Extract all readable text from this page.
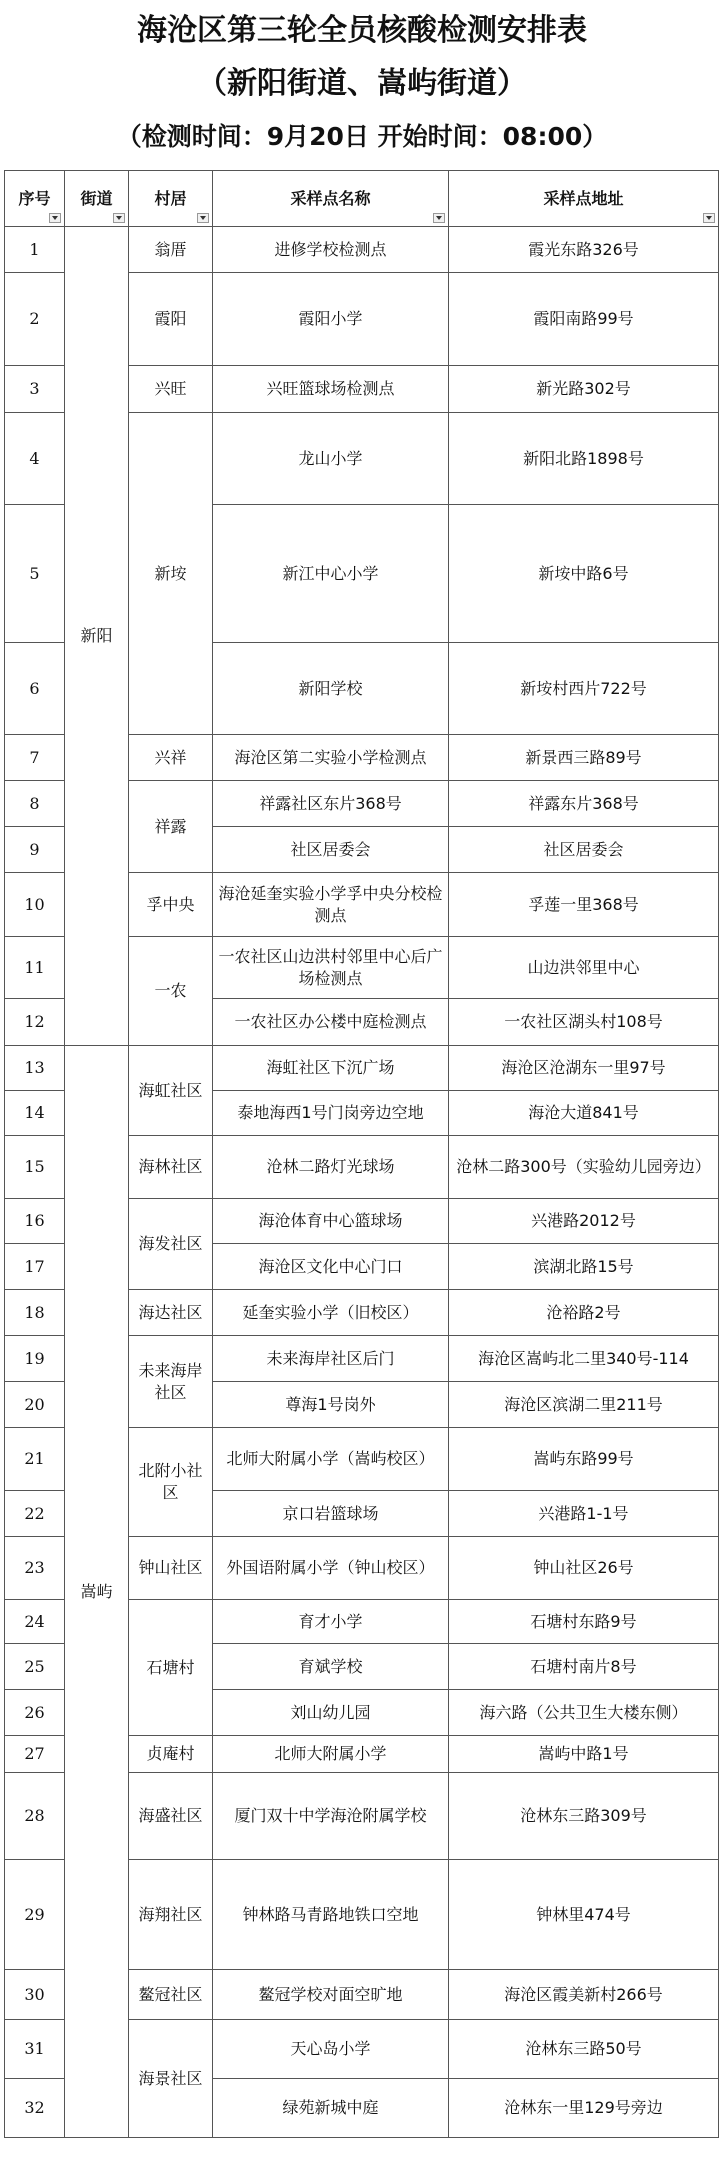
海沧区第三轮全员核酸检测安排表
（新阳街道、嵩屿街道）
（检测时间：9月20日 开始时间：08:00）
序号	街道	村居	采样点名称	采样点地址

1	新阳	翁厝	进修学校检测点	霞光东路326号
2		霞阳	霞阳小学	霞阳南路99号
3		兴旺	兴旺篮球场检测点	新光路302号
4		新垵	龙山小学	新阳北路1898号
5			新江中心小学	新垵中路6号
6			新阳学校	新垵村西片722号
7		兴祥	海沧区第二实验小学检测点	新景西三路89号
8		祥露	祥露社区东片368号	祥露东片368号
9			社区居委会	社区居委会
10		孚中央	海沧延奎实验小学孚中央分校检测点	孚莲一里368号
11		一农	一农社区山边洪村邻里中心后广场检测点	山边洪邻里中心
12			一农社区办公楼中庭检测点	一农社区湖头村108号
13	嵩屿	海虹社区	海虹社区下沉广场	海沧区沧湖东一里97号
14			泰地海西1号门岗旁边空地	海沧大道841号
15		海林社区	沧林二路灯光球场	沧林二路300号（实验幼儿园旁边）
16		海发社区	海沧体育中心篮球场	兴港路2012号
17			海沧区文化中心门口	滨湖北路15号
18		海达社区	延奎实验小学（旧校区）	沧裕路2号
19		未来海岸社区	未来海岸社区后门	海沧区嵩屿北二里340号-114
20			尊海1号岗外	海沧区滨湖二里211号
21		北附小社区	北师大附属小学（嵩屿校区）	嵩屿东路99号
22			京口岩篮球场	兴港路1-1号
23		钟山社区	外国语附属小学（钟山校区）	钟山社区26号
24		石塘村	育才小学	石塘村东路9号
25			育斌学校	石塘村南片8号
26			刘山幼儿园	海六路（公共卫生大楼东侧）
27		贞庵村	北师大附属小学	嵩屿中路1号
28		海盛社区	厦门双十中学海沧附属学校	沧林东三路309号
29		海翔社区	钟林路马青路地铁口空地	钟林里474号
30		鳌冠社区	鳌冠学校对面空旷地	海沧区霞美新村266号
31		海景社区	天心岛小学	沧林东三路50号
32			绿苑新城中庭	沧林东一里129号旁边
